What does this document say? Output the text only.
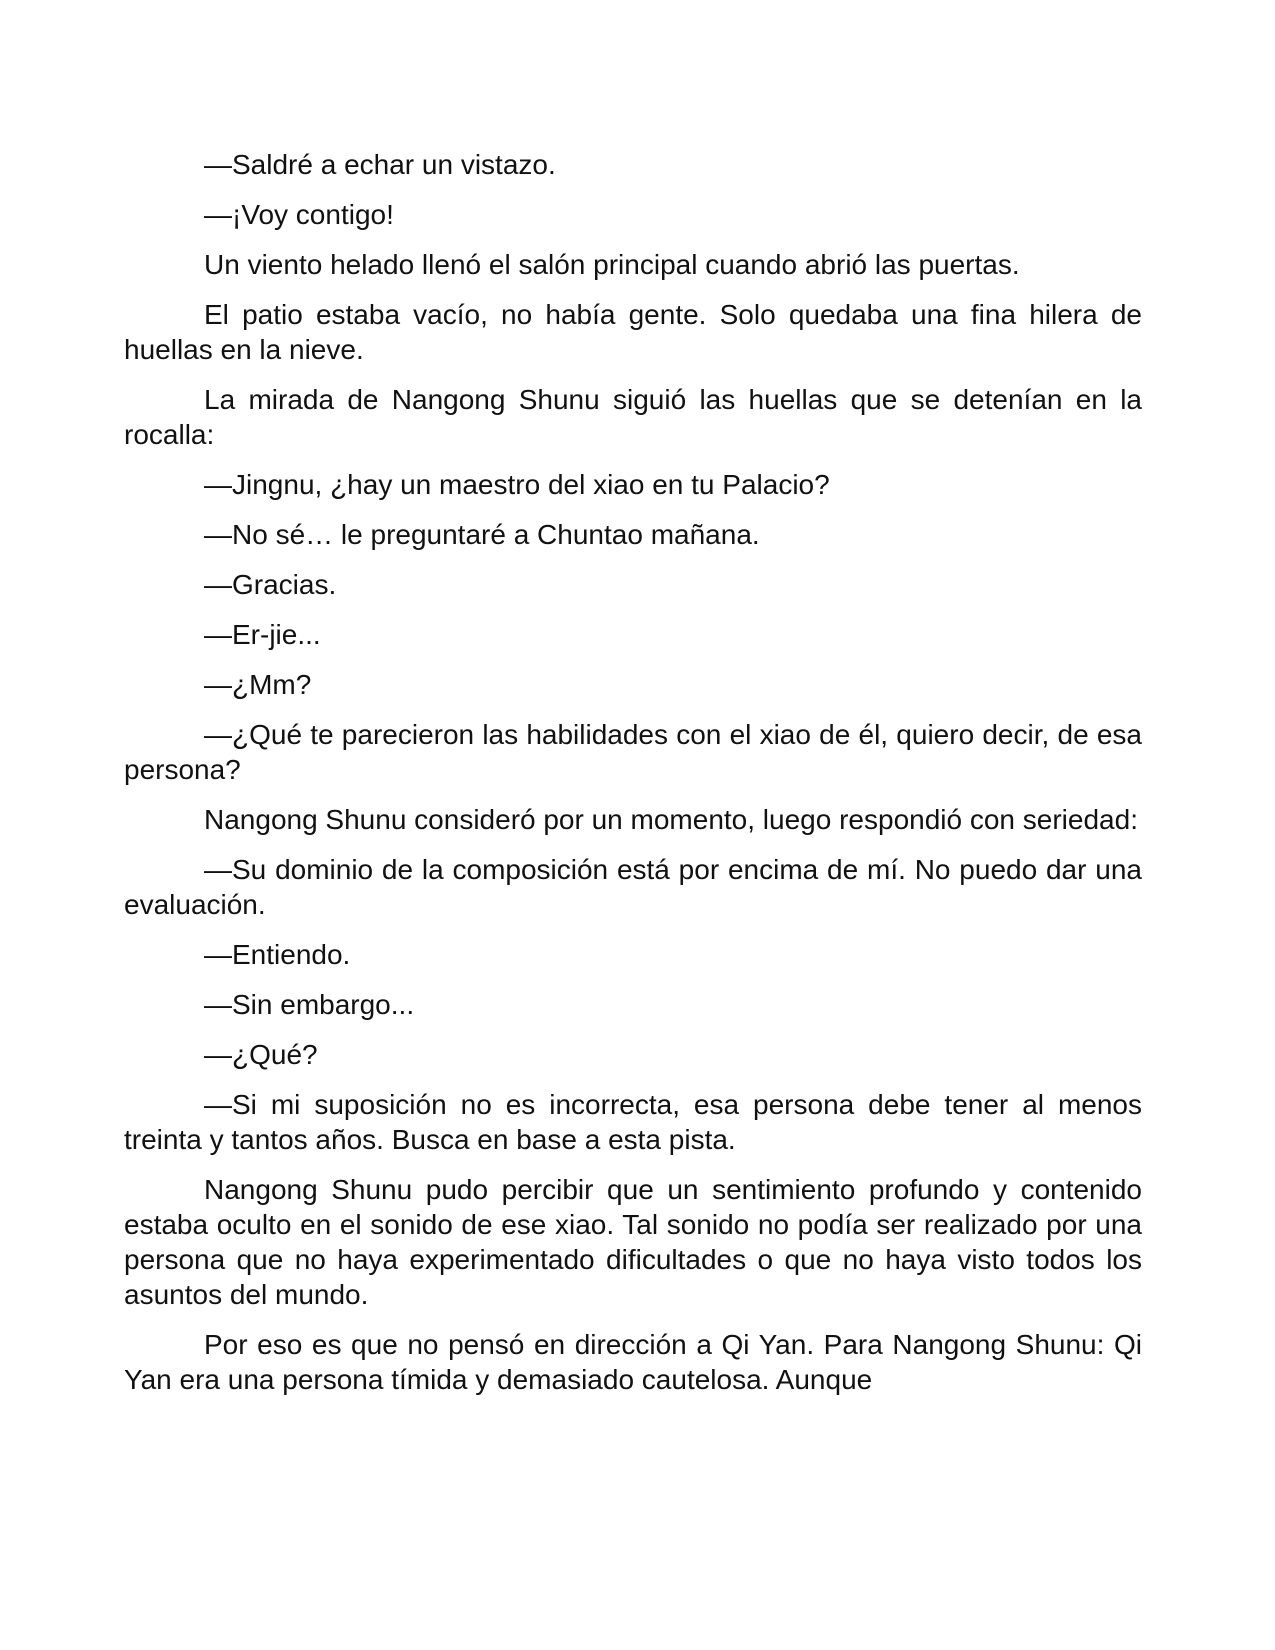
—Saldré a echar un vistazo.

—¡Voy contigo!

Un viento helado llenó el salón principal cuando abrió las puertas.

El patio estaba vacío, no había gente. Solo quedaba una fina hilera de huellas en la nieve.

La mirada de Nangong Shunu siguió las huellas que se detenían en la rocalla:

—Jingnu, ¿hay un maestro del xiao en tu Palacio?

—No sé… le preguntaré a Chuntao mañana.

—Gracias.

—Er-jie...

—¿Mm?

—¿Qué te parecieron las habilidades con el xiao de él, quiero decir, de esa persona?

Nangong Shunu consideró por un momento, luego respondió con seriedad:

—Su dominio de la composición está por encima de mí. No puedo dar una evaluación.

—Entiendo.

—Sin embargo...

—¿Qué?

—Si mi suposición no es incorrecta, esa persona debe tener al menos treinta y tantos años. Busca en base a esta pista.

Nangong Shunu pudo percibir que un sentimiento profundo y contenido estaba oculto en el sonido de ese xiao. Tal sonido no podía ser realizado por una persona que no haya experimentado dificultades o que no haya visto todos los asuntos del mundo.

Por eso es que no pensó en dirección a Qi Yan. Para Nangong Shunu: Qi Yan era una persona tímida y demasiado cautelosa. Aunque
